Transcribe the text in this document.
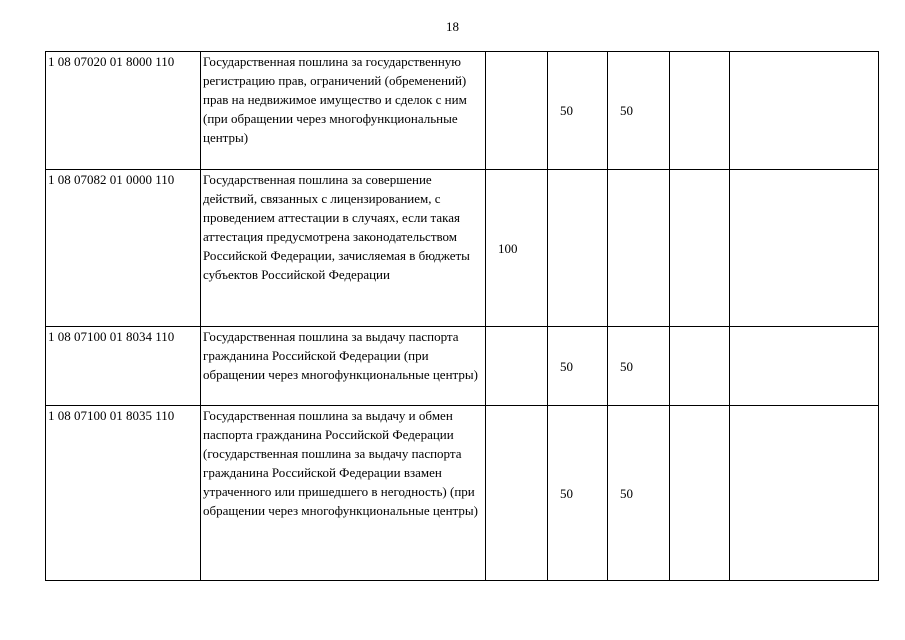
18
1 08 07020 01 8000 110	Государственная пошлина за государственную регистрацию прав, ограничений (обременений) прав на недвижимое имущество и сделок с ним (при обращении через многофункциональные центры)		50	50		
1 08 07082 01 0000 110	Государственная пошлина за совершение действий, связанных с лицензированием, с проведением аттестации в случаях, если такая аттестация предусмотрена законодательством Российской Федерации, зачисляемая в бюджеты субъектов Российской Федерации	100				
1 08 07100 01 8034 110	Государственная пошлина за выдачу паспорта гражданина Российской Федерации (при обращении через многофункциональные центры)		50	50		
1 08 07100 01 8035 110	Государственная пошлина за выдачу и обмен паспорта гражданина Российской Федерации (государственная пошлина за выдачу паспорта гражданина Российской Федерации взамен утраченного или пришедшего в негодность) (при обращении через многофункциональные центры)		50	50		
